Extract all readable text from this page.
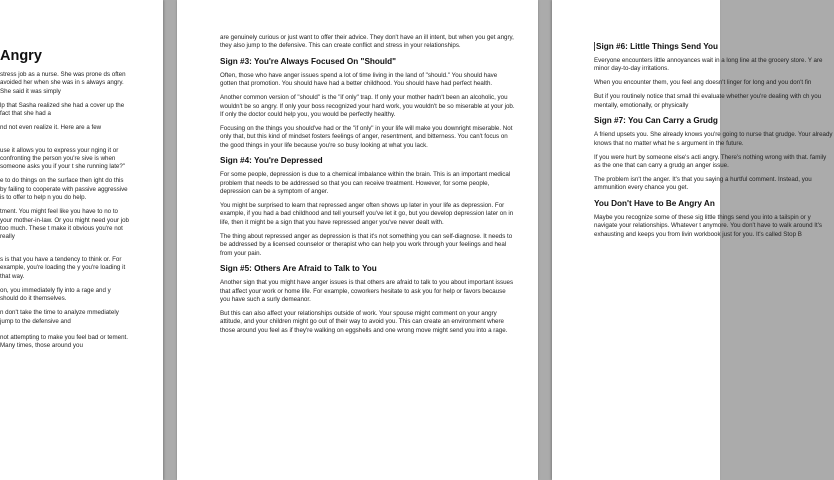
Angry

stress job as a nurse. She was prone ds often avoided her when she was in s always angry. She said it was simply

lp that Sasha realized she had a cover up the fact that she had a

nd not even realize it. Here are a few

use it allows you to express your nging it or confronting the person you're sive is when someone asks you if your t she running late?"

e to do things on the surface then ight do this by failing to cooperate with passive aggressive is to offer to help n you do help.

tment. You might feel like you have to no to your mother-in-law. Or you might need your job too much. These t make it obvious you're not really

s is that you have a tendency to think or. For example, you're loading the y you're loading it that way.

on, you immediately fly into a rage and y should do it themselves.

n don't take the time to analyze mmediately jump to the defensive and

not attempting to make you feel bad or tement. Many times, those around you

are genuinely curious or just want to offer their advice. They don't have an ill intent, but when you get angry, they also jump to the defensive. This can create conflict and stress in your relationships.

Sign #3: You're Always Focused On "Should"

Often, those who have anger issues spend a lot of time living in the land of "should." You should have gotten that promotion. You should have had a better childhood. You should have had perfect health.

Another common version of "should" is the "if only" trap. If only your mother hadn't been an alcoholic, you wouldn't be so angry. If only your boss recognized your hard work, you wouldn't be so miserable at your job. If only the doctor could help you, you would be perfectly healthy.

Focusing on the things you should've had or the "if only" in your life will make you downright miserable. Not only that, but this kind of mindset fosters feelings of anger, resentment, and bitterness. You can't focus on the good things in your life because you're so busy looking at what you lack.

Sign #4: You're Depressed

For some people, depression is due to a chemical imbalance within the brain. This is an important medical problem that needs to be addressed so that you can receive treatment. However, for some people, depression can be a symptom of anger.

You might be surprised to learn that repressed anger often shows up later in your life as depression. For example, if you had a bad childhood and tell yourself you've let it go, but you develop depression later on in life, then it might be a sign that you have repressed anger you've never dealt with.

The thing about repressed anger as depression is that it's not something you can self-diagnose. It needs to be addressed by a licensed counselor or therapist who can help you work through your feelings and heal from your pain.

Sign #5: Others Are Afraid to Talk to You

Another sign that you might have anger issues is that others are afraid to talk to you about important issues that affect your work or home life. For example, coworkers hesitate to ask you for help or favors because you have such a surly demeanor.

But this can also affect your relationships outside of work. Your spouse might comment on your angry attitude, and your children might go out of their way to avoid you. This can create an environment where those around you feel as if they're walking on eggshells and one wrong move might send you into a rage.

Sign #6: Little Things Send You

Everyone encounters little annoyances wait in a long line at the grocery store. Y are minor day-to-day irritations.

When you encounter them, you feel ang doesn't linger for long and you don't fin

But if you routinely notice that small thi evaluate whether you're dealing with ch you mentally, emotionally, or physically

Sign #7: You Can Carry a Grudg

A friend upsets you. She already knows you're going to nurse that grudge. Your already knows that no matter what he s argument in the future.

If you were hurt by someone else's acti angry. There's nothing wrong with that. family as the one that can carry a grudg an anger issue.

The problem isn't the anger. It's that you saying a hurtful comment. Instead, you ammunition every chance you get.

You Don't Have to Be Angry An

Maybe you recognize some of these sig little things send you into a tailspin or y navigate your relationships. Whatever t anymore. You don't have to walk around It's exhausting and keeps you from livin workbook just for you. It's called Stop B
